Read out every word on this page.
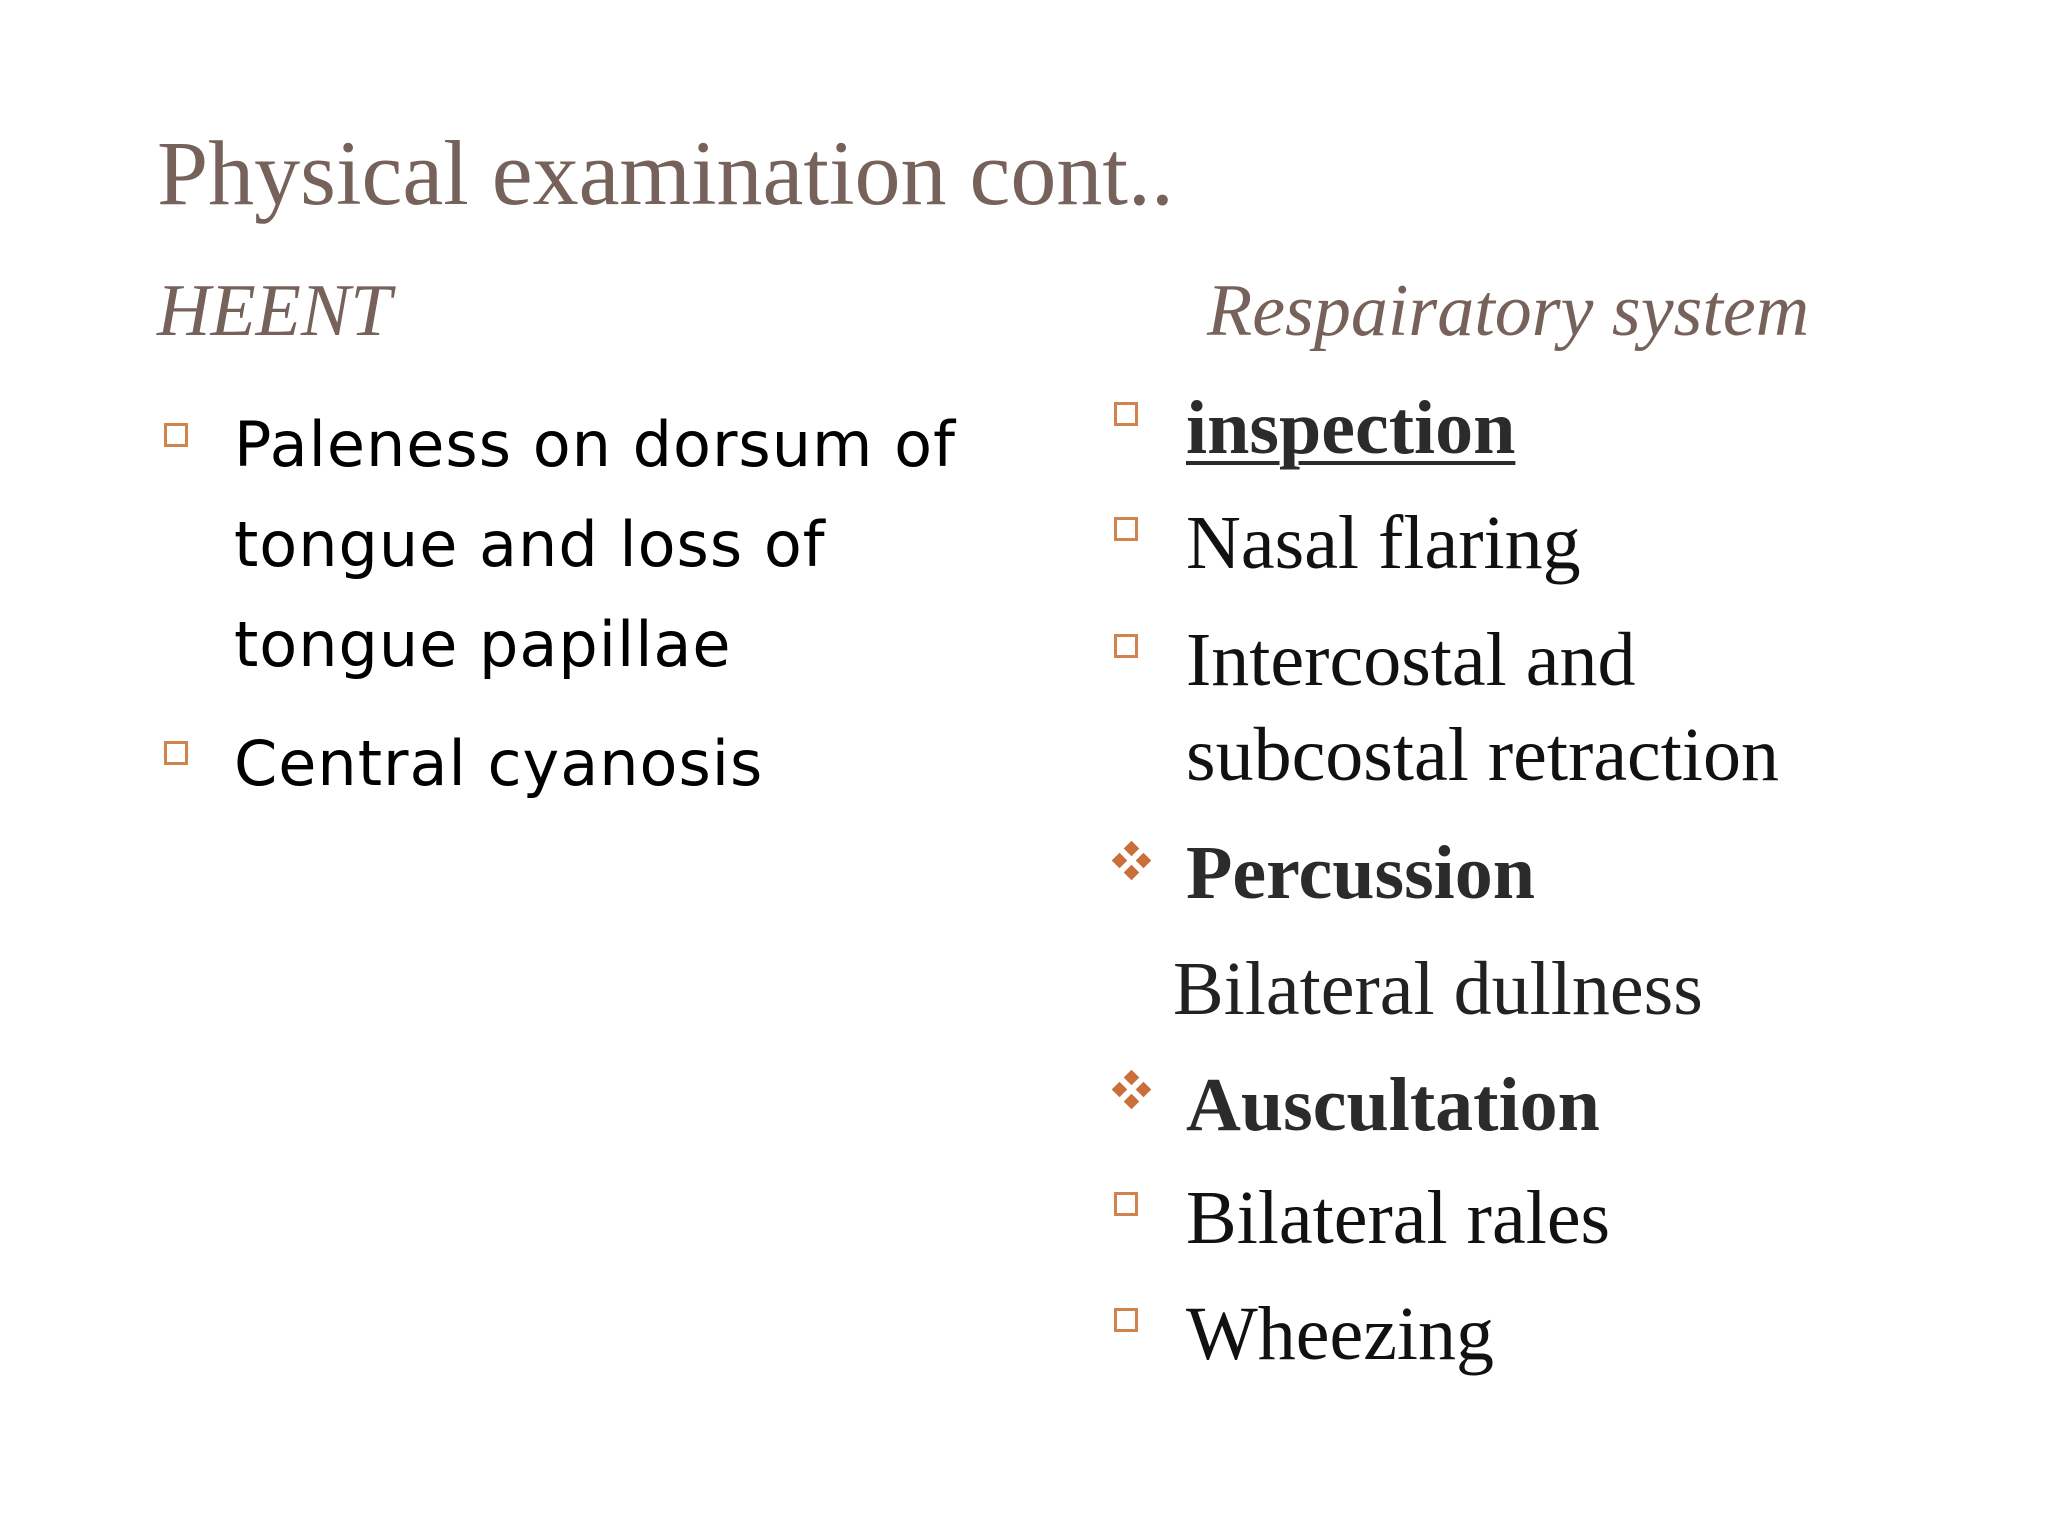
Physical examination cont..
HEENT	Respairatory system
Paleness on dorsum of
tongue and loss of
tongue papillae
Central cyanosis
inspection
Nasal flaring
Intercostal and
subcostal retraction
Percussion
Bilateral dullness
Auscultation
Bilateral rales
Wheezing
